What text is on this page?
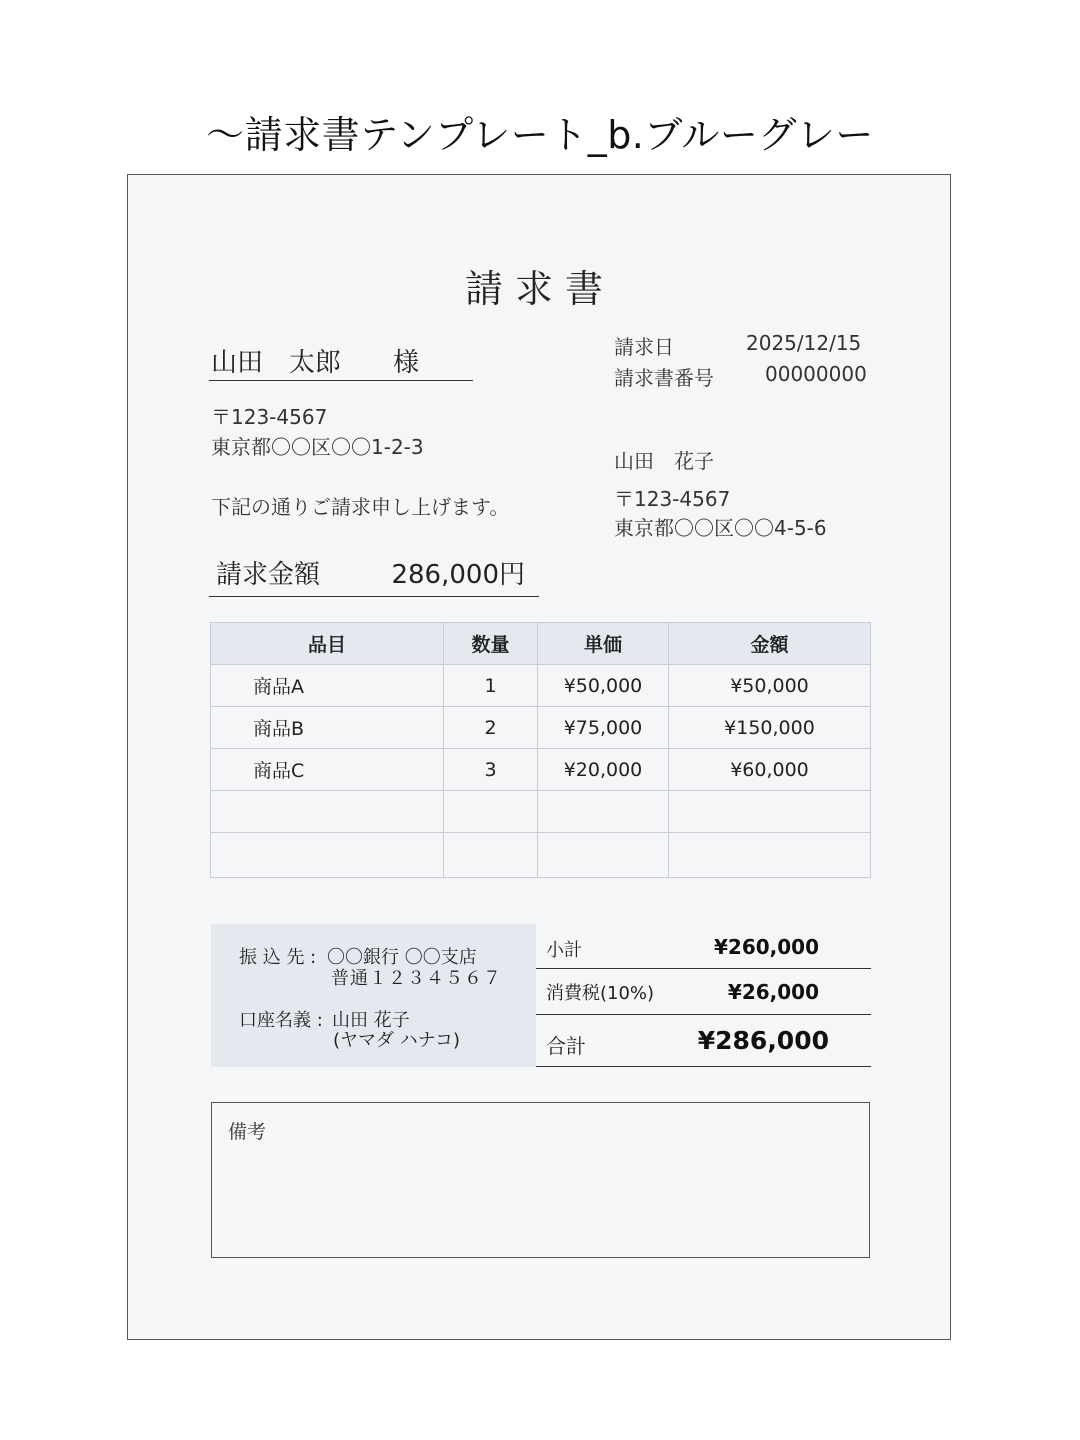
〜請求書テンプレート_b.ブルーグレー
請求書
山田　太郎　　様
〒123-4567
東京都〇〇区〇〇1-2-3
下記の通りご請求申し上げます。
請求金額	286,000円
請求日	2025/12/15
請求書番号	00000000
山田　花子
〒123-4567
東京都〇〇区〇〇4-5-6
品目	数量	単価	金額
商品A	1	¥50,000	¥50,000
商品B	2	¥75,000	¥150,000
商品C	3	¥20,000	¥60,000

振 込 先 : 〇〇銀行 〇〇支店
普通１２３４５６７
口座名義 : 山田 花子
(ヤマダ ハナコ)
小計	¥260,000
消費税(10%)	¥26,000
合計	¥286,000
備考
